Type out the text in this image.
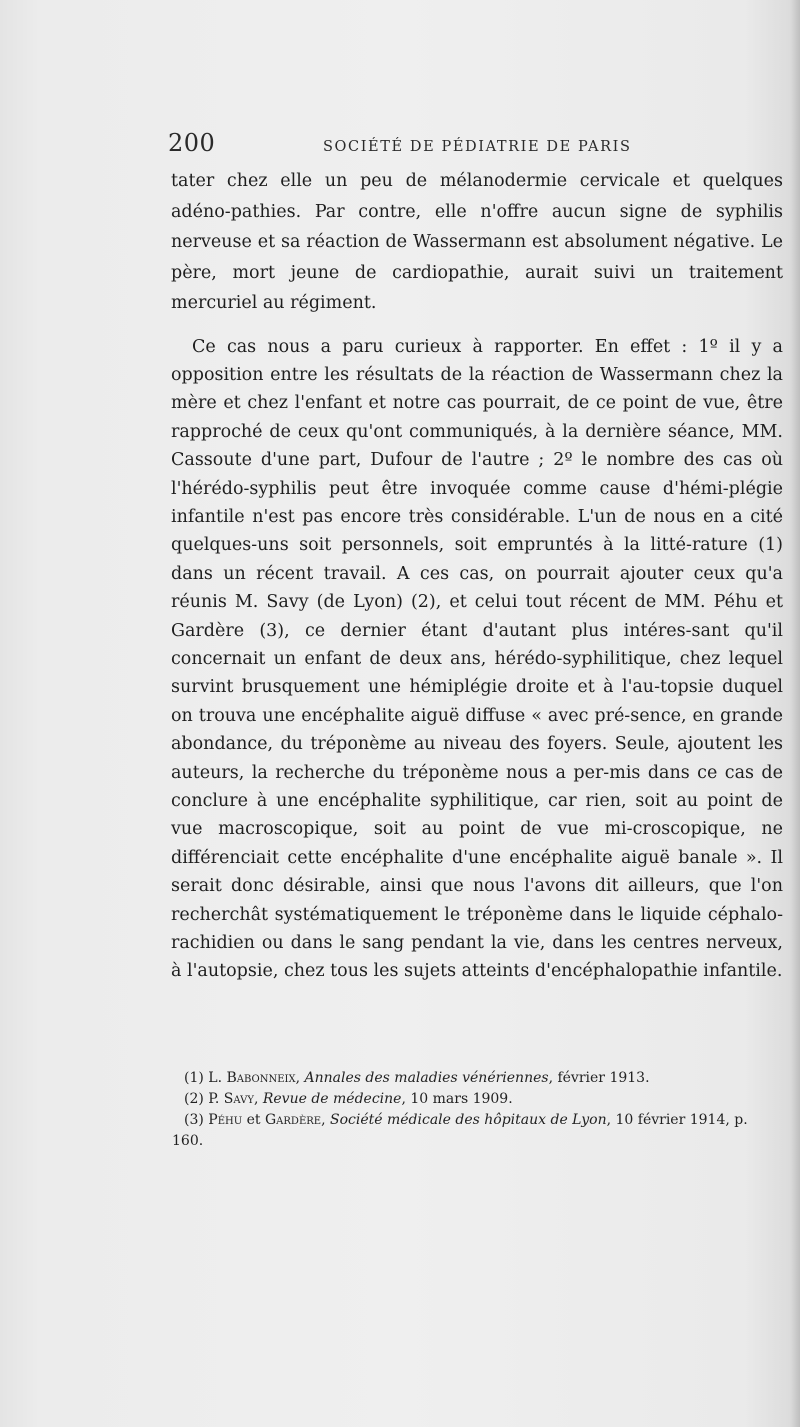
200	SOCIÉTÉ DE PÉDIATRIE DE PARIS

tater chez elle un peu de mélanodermie cervicale et quelques adéno-pathies. Par contre, elle n'offre aucun signe de syphilis nerveuse et sa réaction de Wassermann est absolument négative. Le père, mort jeune de cardiopathie, aurait suivi un traitement mercuriel au régiment.

Ce cas nous a paru curieux à rapporter. En effet : 1º il y a opposition entre les résultats de la réaction de Wassermann chez la mère et chez l'enfant et notre cas pourrait, de ce point de vue, être rapproché de ceux qu'ont communiqués, à la dernière séance, MM. Cassoute d'une part, Dufour de l'autre ; 2º le nombre des cas où l'hérédo-syphilis peut être invoquée comme cause d'hémi-plégie infantile n'est pas encore très considérable. L'un de nous en a cité quelques-uns soit personnels, soit empruntés à la litté-rature (1) dans un récent travail. A ces cas, on pourrait ajouter ceux qu'a réunis M. Savy (de Lyon) (2), et celui tout récent de MM. Péhu et Gardère (3), ce dernier étant d'autant plus intéres-sant qu'il concernait un enfant de deux ans, hérédo-syphilitique, chez lequel survint brusquement une hémiplégie droite et à l'au-topsie duquel on trouva une encéphalite aiguë diffuse « avec pré-sence, en grande abondance, du tréponème au niveau des foyers. Seule, ajoutent les auteurs, la recherche du tréponème nous a per-mis dans ce cas de conclure à une encéphalite syphilitique, car rien, soit au point de vue macroscopique, soit au point de vue mi-croscopique, ne différenciait cette encéphalite d'une encéphalite aiguë banale ». Il serait donc désirable, ainsi que nous l'avons dit ailleurs, que l'on recherchât systématiquement le tréponème dans le liquide céphalo-rachidien ou dans le sang pendant la vie, dans les centres nerveux, à l'autopsie, chez tous les sujets atteints d'encéphalopathie infantile.

(1) L. Babonneix, Annales des maladies vénériennes, février 1913.

(2) P. Savy, Revue de médecine, 10 mars 1909.

(3) Péhu et Gardère, Société médicale des hôpitaux de Lyon, 10 février 1914, p. 160.
